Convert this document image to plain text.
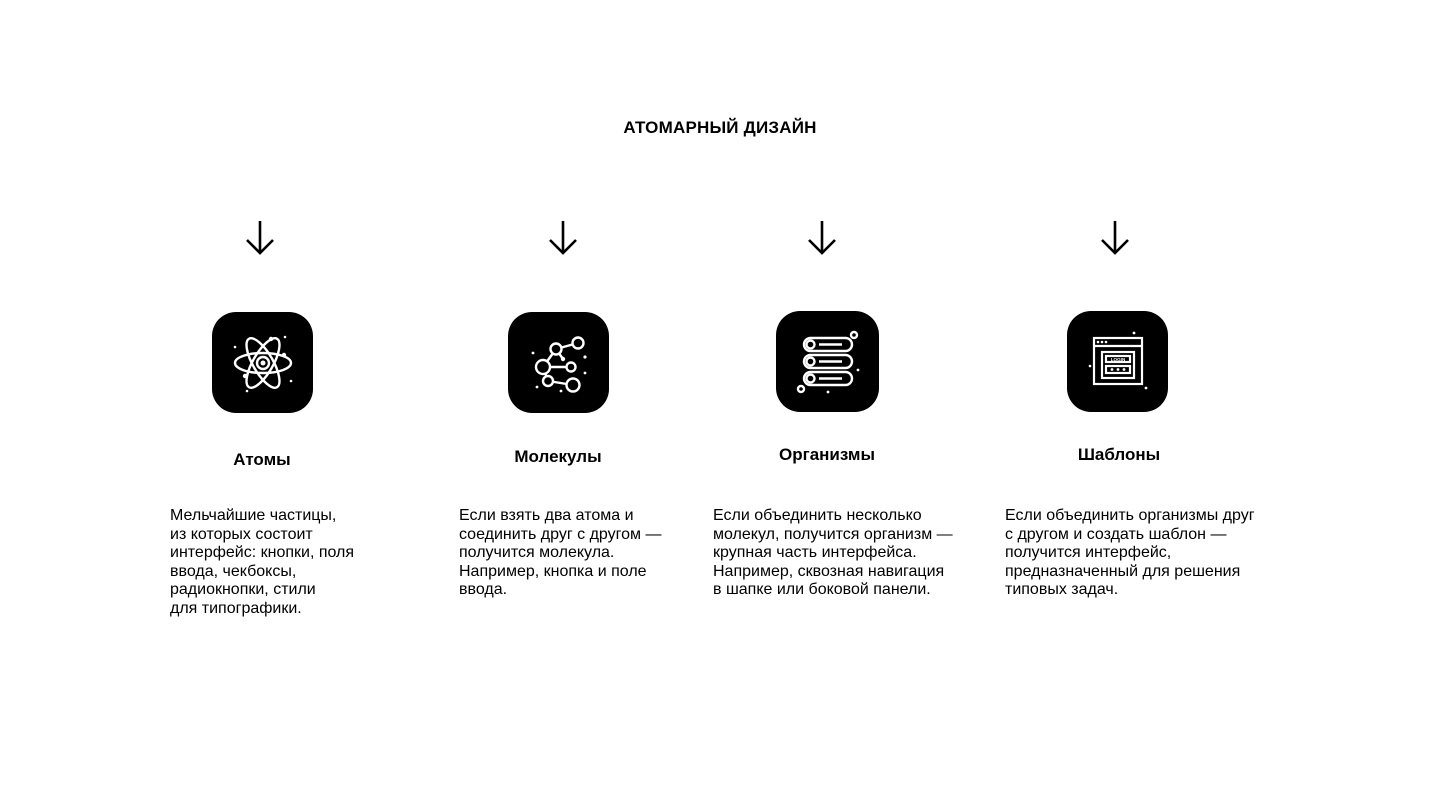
АТОМАРНЫЙ ДИЗАЙН
Атомы
Мельчайшие частицы,
из которых состоит
интерфейс: кнопки, поля
ввода, чекбоксы,
радиокнопки, стили
для типографики.
Молекулы
Если взять два атома и
соединить друг с другом —
получится молекула.
Например, кнопка и поле
ввода.
Организмы
Если объединить несколько
молекул, получится организм —
крупная часть интерфейса.
Например, сквозная навигация
в шапке или боковой панели.
LOGIN
Шаблоны
Если объединить организмы друг
с другом и создать шаблон —
получится интерфейс,
предназначенный для решения
типовых задач.
